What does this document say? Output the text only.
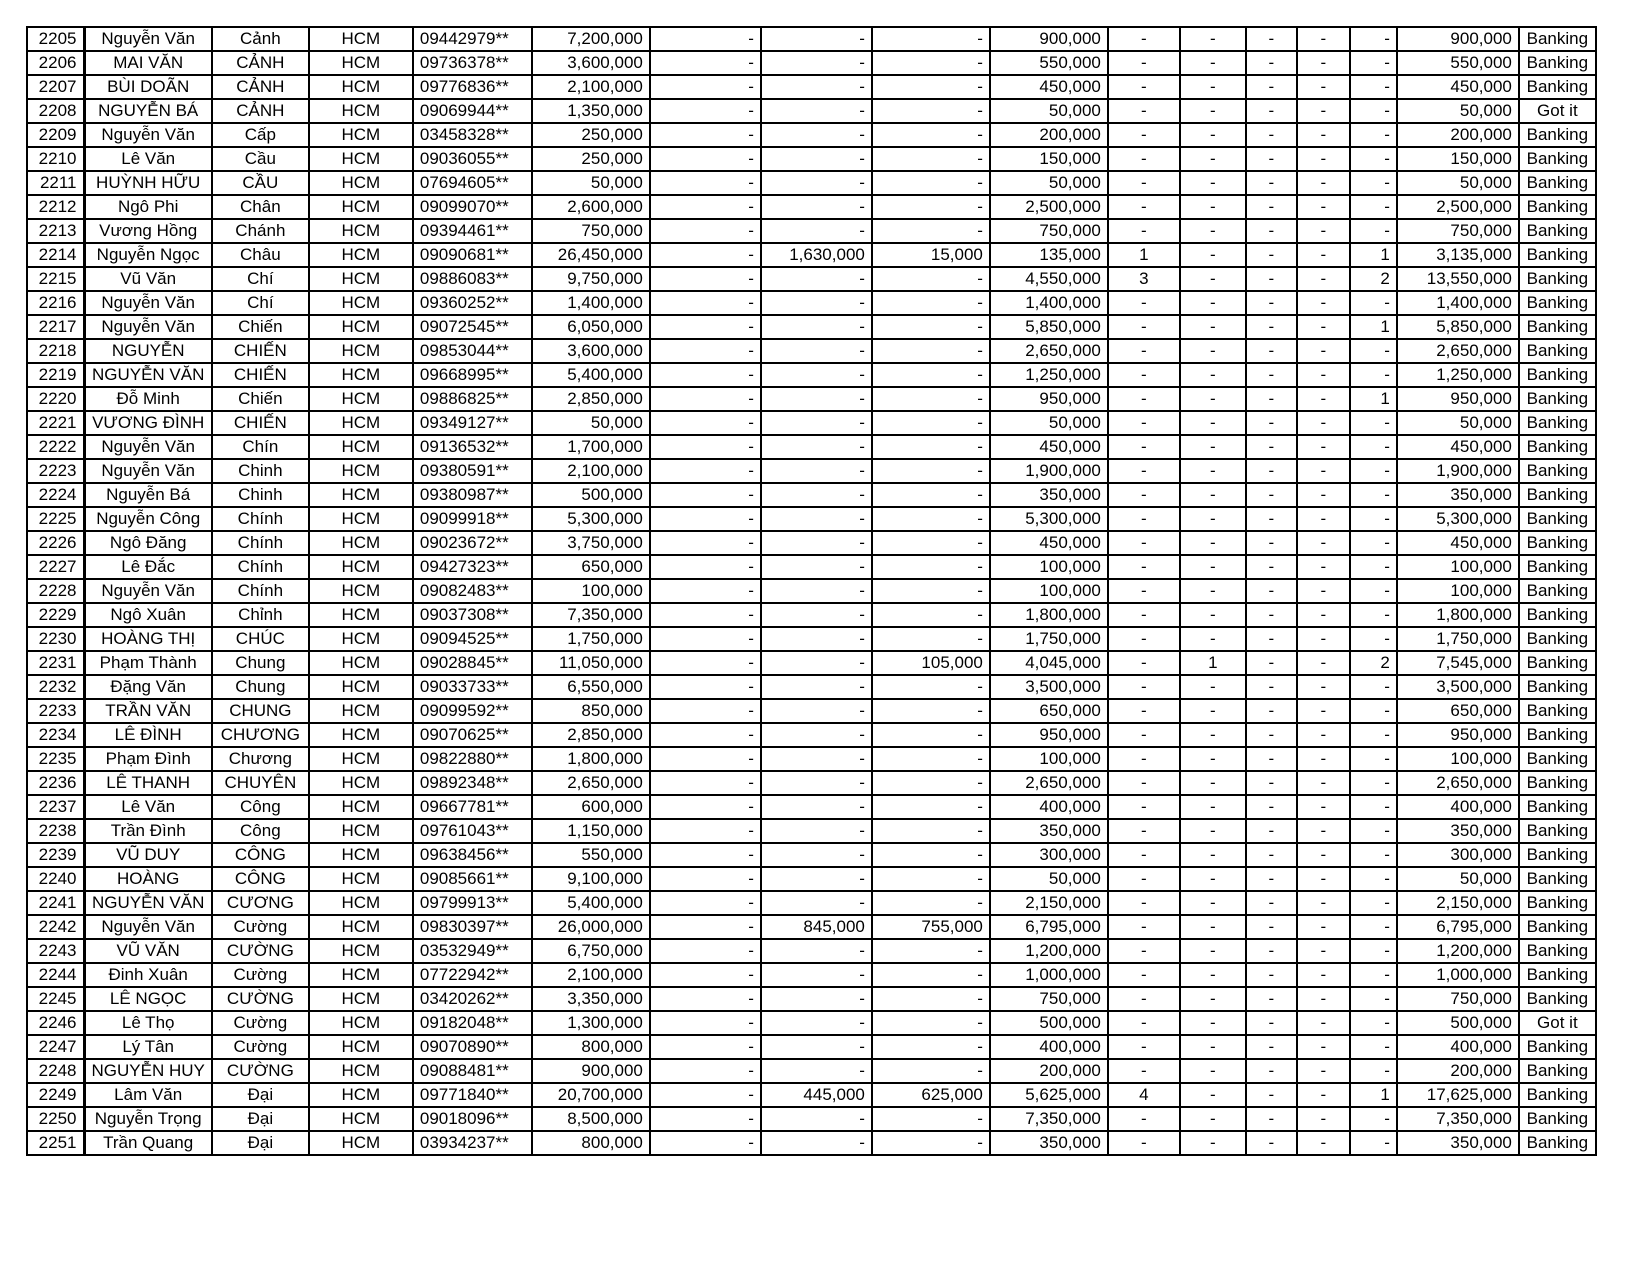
2205	Nguyễn Văn	Cảnh	HCM	09442979**	7,200,000	-	-	-	900,000	-	-	-	-	-	900,000	Banking
2206	MAI VĂN	CẢNH	HCM	09736378**	3,600,000	-	-	-	550,000	-	-	-	-	-	550,000	Banking
2207	BÙI DOÃN	CẢNH	HCM	09776836**	2,100,000	-	-	-	450,000	-	-	-	-	-	450,000	Banking
2208	NGUYỄN BÁ	CẢNH	HCM	09069944**	1,350,000	-	-	-	50,000	-	-	-	-	-	50,000	Got it
2209	Nguyễn Văn	Cấp	HCM	03458328**	250,000	-	-	-	200,000	-	-	-	-	-	200,000	Banking
2210	Lê Văn	Cầu	HCM	09036055**	250,000	-	-	-	150,000	-	-	-	-	-	150,000	Banking
2211	HUỲNH HỮU	CẦU	HCM	07694605**	50,000	-	-	-	50,000	-	-	-	-	-	50,000	Banking
2212	Ngô Phi	Chân	HCM	09099070**	2,600,000	-	-	-	2,500,000	-	-	-	-	-	2,500,000	Banking
2213	Vương Hồng	Chánh	HCM	09394461**	750,000	-	-	-	750,000	-	-	-	-	-	750,000	Banking
2214	Nguyễn Ngọc	Châu	HCM	09090681**	26,450,000	-	1,630,000	15,000	135,000	1	-	-	-	1	3,135,000	Banking
2215	Vũ Văn	Chí	HCM	09886083**	9,750,000	-	-	-	4,550,000	3	-	-	-	2	13,550,000	Banking
2216	Nguyễn Văn	Chí	HCM	09360252**	1,400,000	-	-	-	1,400,000	-	-	-	-	-	1,400,000	Banking
2217	Nguyễn Văn	Chiến	HCM	09072545**	6,050,000	-	-	-	5,850,000	-	-	-	-	1	5,850,000	Banking
2218	NGUYỄN	CHIẾN	HCM	09853044**	3,600,000	-	-	-	2,650,000	-	-	-	-	-	2,650,000	Banking
2219	NGUYỄN VĂN	CHIẾN	HCM	09668995**	5,400,000	-	-	-	1,250,000	-	-	-	-	-	1,250,000	Banking
2220	Đỗ Minh	Chiến	HCM	09886825**	2,850,000	-	-	-	950,000	-	-	-	-	1	950,000	Banking
2221	VƯƠNG ĐÌNH	CHIẾN	HCM	09349127**	50,000	-	-	-	50,000	-	-	-	-	-	50,000	Banking
2222	Nguyễn Văn	Chín	HCM	09136532**	1,700,000	-	-	-	450,000	-	-	-	-	-	450,000	Banking
2223	Nguyễn Văn	Chinh	HCM	09380591**	2,100,000	-	-	-	1,900,000	-	-	-	-	-	1,900,000	Banking
2224	Nguyễn Bá	Chinh	HCM	09380987**	500,000	-	-	-	350,000	-	-	-	-	-	350,000	Banking
2225	Nguyễn Công	Chính	HCM	09099918**	5,300,000	-	-	-	5,300,000	-	-	-	-	-	5,300,000	Banking
2226	Ngô Đăng	Chính	HCM	09023672**	3,750,000	-	-	-	450,000	-	-	-	-	-	450,000	Banking
2227	Lê Đắc	Chính	HCM	09427323**	650,000	-	-	-	100,000	-	-	-	-	-	100,000	Banking
2228	Nguyễn Văn	Chính	HCM	09082483**	100,000	-	-	-	100,000	-	-	-	-	-	100,000	Banking
2229	Ngô Xuân	Chỉnh	HCM	09037308**	7,350,000	-	-	-	1,800,000	-	-	-	-	-	1,800,000	Banking
2230	HOÀNG THỊ	CHÚC	HCM	09094525**	1,750,000	-	-	-	1,750,000	-	-	-	-	-	1,750,000	Banking
2231	Phạm Thành	Chung	HCM	09028845**	11,050,000	-	-	105,000	4,045,000	-	1	-	-	2	7,545,000	Banking
2232	Đặng Văn	Chung	HCM	09033733**	6,550,000	-	-	-	3,500,000	-	-	-	-	-	3,500,000	Banking
2233	TRẦN VĂN	CHUNG	HCM	09099592**	850,000	-	-	-	650,000	-	-	-	-	-	650,000	Banking
2234	LÊ ĐÌNH	CHƯƠNG	HCM	09070625**	2,850,000	-	-	-	950,000	-	-	-	-	-	950,000	Banking
2235	Phạm Đình	Chương	HCM	09822880**	1,800,000	-	-	-	100,000	-	-	-	-	-	100,000	Banking
2236	LÊ THANH	CHUYÊN	HCM	09892348**	2,650,000	-	-	-	2,650,000	-	-	-	-	-	2,650,000	Banking
2237	Lê Văn	Công	HCM	09667781**	600,000	-	-	-	400,000	-	-	-	-	-	400,000	Banking
2238	Trần Đình	Công	HCM	09761043**	1,150,000	-	-	-	350,000	-	-	-	-	-	350,000	Banking
2239	VŨ DUY	CÔNG	HCM	09638456**	550,000	-	-	-	300,000	-	-	-	-	-	300,000	Banking
2240	HOÀNG	CÔNG	HCM	09085661**	9,100,000	-	-	-	50,000	-	-	-	-	-	50,000	Banking
2241	NGUYỄN VĂN	CƯƠNG	HCM	09799913**	5,400,000	-	-	-	2,150,000	-	-	-	-	-	2,150,000	Banking
2242	Nguyễn Văn	Cường	HCM	09830397**	26,000,000	-	845,000	755,000	6,795,000	-	-	-	-	-	6,795,000	Banking
2243	VŨ VĂN	CƯỜNG	HCM	03532949**	6,750,000	-	-	-	1,200,000	-	-	-	-	-	1,200,000	Banking
2244	Đinh Xuân	Cường	HCM	07722942**	2,100,000	-	-	-	1,000,000	-	-	-	-	-	1,000,000	Banking
2245	LÊ NGỌC	CƯỜNG	HCM	03420262**	3,350,000	-	-	-	750,000	-	-	-	-	-	750,000	Banking
2246	Lê Thọ	Cường	HCM	09182048**	1,300,000	-	-	-	500,000	-	-	-	-	-	500,000	Got it
2247	Lý Tân	Cường	HCM	09070890**	800,000	-	-	-	400,000	-	-	-	-	-	400,000	Banking
2248	NGUYỄN HUY	CƯỜNG	HCM	09088481**	900,000	-	-	-	200,000	-	-	-	-	-	200,000	Banking
2249	Lâm Văn	Đại	HCM	09771840**	20,700,000	-	445,000	625,000	5,625,000	4	-	-	-	1	17,625,000	Banking
2250	Nguyễn Trọng	Đại	HCM	09018096**	8,500,000	-	-	-	7,350,000	-	-	-	-	-	7,350,000	Banking
2251	Trần Quang	Đại	HCM	03934237**	800,000	-	-	-	350,000	-	-	-	-	-	350,000	Banking
